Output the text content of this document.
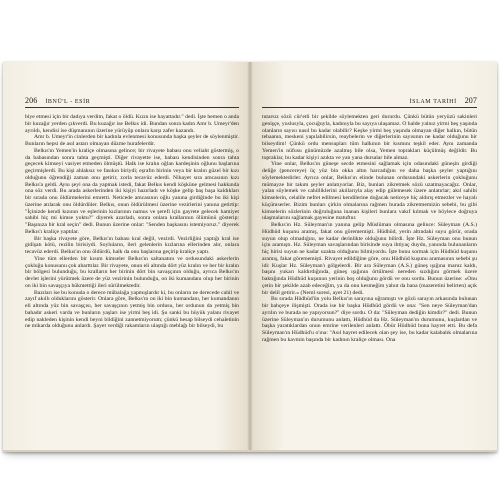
206 İBNÜ'L - ESİR

biye etmesi için bir dadıya verdim, fakat o öldü. Kızın ise hayattadır." dedi. İşte hemen o anda bir kuzağır yerden çıkverdi. Bu kuzağır ise Belkıs idi. Bundan sonra kadın Amr b. Umeyr'den ayrıldı, kendisi ise düşmanının üzerine yürüyüp onlara karşı zafer kazandı.

Amr b. Umeyr'in cinlerden bir kadınla evlenmesi konusunda başka şeyler de söylenmiştir. Bunların hepsi de asıl astarı olmayan düzme hurafelerdir.

Belkıs'ın Yemen'in kraliçe olmasına gelince; bir rivayete babası onu veliaht göstermiş, o da babasından sonra tahta geçmişti. Diğer rivayette ise, babası kendisinden sonra tahta geçecek kimseyi vasiyet etmeden ölmüştü. Halk ise kralın oğlan kardeşinin oğlunu başlarına geçirmişlerdi. Bu kişi ahlaksız ve fasıkın biriydi; eşrafın birinin veya bir kralın güzel bir kızı olduğunu öğrendiği zaman onu getirir, zorla tecavüz ederdi. Nihayet sıra amcasının kızı Belkıs'a geldi. Aynı şeyi ona da yapmak istedi, fakat Belkıs kendi köşküne gelmesi hakkında ona söz verdi. Bu arada askerlerinden iki kişiyi hazırladı ve köşke gelip baş başa kaldıkları bir sırada onu öldürmelerini emretti. Neticede amcasının oğlu yanına girdiğinde bu iki kişi üzerine atılarak onu öldürdüler. Belkıs, onun öldürülmesi üzerine vezirlerini yanına getirtip: "İçinizde kendi kızının ve eşlerinin kızlarının namus ve şerefi için gayrete gelecek hamiyet sahibi hiç mi kimse yoktu?" diyerek azarladı, sonra onlara krallarının ölümünü gösterip: "Başınıza bir kral seçin" dedi. Bunun üzerine onlar: "Senden başkasını istemiyoruz." diyerek Belkıs'ı kraliçe yaptılar.

Bir başka rivayete göre, Belkıs'ın babası kral değil, vezirdi. Vezirliğini yaptığı kral ise gidişatı kötü, rezilin birisiydi. Soyluların, ileri gelenlerin kızlarına ellerinden alır, onlara tecavüz ederdi. Belkıs'ın onu öldürdü, halk da onu başlarına geçirip kraliçe yaptı.

Yine tüm ellerden bir kısım kimseler Belkıs'ın saltanatını ve ordusundaki askerlerin çokluğu konusunu çok abarttılar. Bir rivayete, onun eli altında dört yüz kralın ve her bir kralın bir bölgesi bulunduğu, bu kralların her birinin dört bin savaşçının olduğu, ayrıca Belkıs'ın devlet işlerini yürütmek üzere de yüz vezirinin bulunduğu, on iki kumandanı olup her birinin on iki bin savaşçıya hükmettiği ileri sürülmektedir.

Bazıları ise bu konuda o derece mübalağa yapmışlardır ki, bu onların ne derecede cahil ve zayıf akıllı olduklarını gösterir. Onlara göre, Belkıs'ın on iki bin kumandanı, her kumandanın eli altında yüz bin savaşçısı, her savaşçının yetmiş bin ordusu, her ordunun da yetmiş bin bahadır askeri varda ve bunların yaşları ise yirmi beş idi. Şu sanki bu büyük yalanı rivayet edip nakleden kişinin kendi beyni bildiğini zannetmiyorum; çünkü hesap bilseydi cehaletinin ne mikarda olduğunu anlardı. Şayet verdiği rakamların ulaştığı meblağı bir bilseydi, bu

İSLAM TARİHİ 207

tutarsız sözü cür'etli bir şekilde söylemekten geri dururdu. Çünkü bütün yeryüzü sakinleri genişçe, yuslusyla, çocuğuyla, kadınıyla bu sayıya ulaşamaz. O halde yalnız yirmi beş yaşında olanların sayısı nasıl bu kadar olabilir? Keşke yirmi beş yaşında olmayan diğer halkın, bütün tebaanın, meskeni yapılabilirsin, reaybelerin ve diğerlerinin sayısının ne kadar olduğunu bir bilseydim! Çünkü ordu mensupları tüm halkının bir kısmını teşkil eder. Aynı zamanda Yemen'in nüfusu günümüzde azalmış bile olsa, Yemen toprakları küçülmüş değildir. Bu topraklar, bu kadar kişiyi azıkta ve yan yana dursalar bile almaz.

Yine onlar, Belkıs'ın güneşe secde etmesini sağlamak için odasındaki güneşin girdiği deliğe (pencereye) üç yüz bin okka altın harcadığını ve daha başka şeyler yaptığını söylemektedirler. Ayrıca onlar, Belkıs'ın elinde bulunan ordusundaki askerlerin çokluğunu mümayze bir takım şeyler anlatıyorlar. Biz, bunları zikretmek sözü uzatmayacağız. Onlar, yalan söylemek ve cahilliklerini akıllarıyla alay edip gülemesek üzere anlatırlar; akıl sahibi kimselerin, celalile nefret edilmesi kendilerine doğacak neticeye hiç aldırış etmezler ve hayalı küçümserler. Bizim bunları çirkin olmalarına rağmen burada zikretmemizin sebebi, bu gibi kimselerin sözlerinin doğruluğuna inanan kişileri bunlara vakıf kılmak ve böylece doğruya ulaşmalarını sağlamak gayesine matuftur.

Belkıs'ın Hz. Süleyman'ın yanına gelip Müslüman olmasına gelince: Süleyman (A.S.) Hüdhüd kuşunu aramış, fakat onu görememişti. Hüdhüd, yerin altındaki suyu görür, orada suyun olup olmadığını, ne kadar derinlikte olduğunu bilirdi. İşte Hz. Süleyman onu bunun için aramıştı. Hz. Süleyman savaşlarından birisinde suya ihtiyaç duydu, yanında bulunanların hiç birisi suyun ne kadar uzakta olduğunu bilmiyordu. İşte bunu sormak için Hüdhüd kuşunu aramış, fakat görememişti. Rivayet edildiğine göre, onu Hüdhüd kuşunu aramasının sebebi şu idi: Kuşlar Hz. Süleyman'ı gölgelerdi. Bir ara Süleyman (A.S.) güneş ışığına maruz kaldı, başını yukarı kaldırdığında, güneş ışığının örtülmesi nereden sızdığını görmek üzere baktığında Hüdhüd kuşunun yerinin boş olduğunu gördü ve onu sordu. Bunun üzerine: «Onu çetin bir şekilde azab edeceğim, ya da onu kesmeğim yahut da bana (mazeretini belirten) açık bir delil getirir.» (Neml suresi, ayet 21) dedi.

Bu sırada Hüdhüd'ün yolu Belkıs'ın sarayına uğramıştı ve gözü sarayın arkasında bulunan bir bahçeye ilişmişti. Orada ise bir başka Hüdhüd gördü ve ona: "Sen neye Süleyman'dan ayrılın ve burada ne yapıyorsun?" diye sordu. O da: "Süleyman dediğin kimdir?" dedi. Bunun üzerine Süleyman'ın durumunu anlattı, Hüdhüd da Hz. Süleyman'ın durumunu, kuşlardan ve başka yaratıklardan onun emrine verilenleri anlattı. Öbür Hüdhüd buna hayret etti. Bu defa Süleyman'ın Hüdhüd'u o'ına: "Asıl hayret edilecek olan şey ise, bu kadar kalabalık olmalarına rağmen bu kavmin başında bir kadının kraliçe olması. Ona
